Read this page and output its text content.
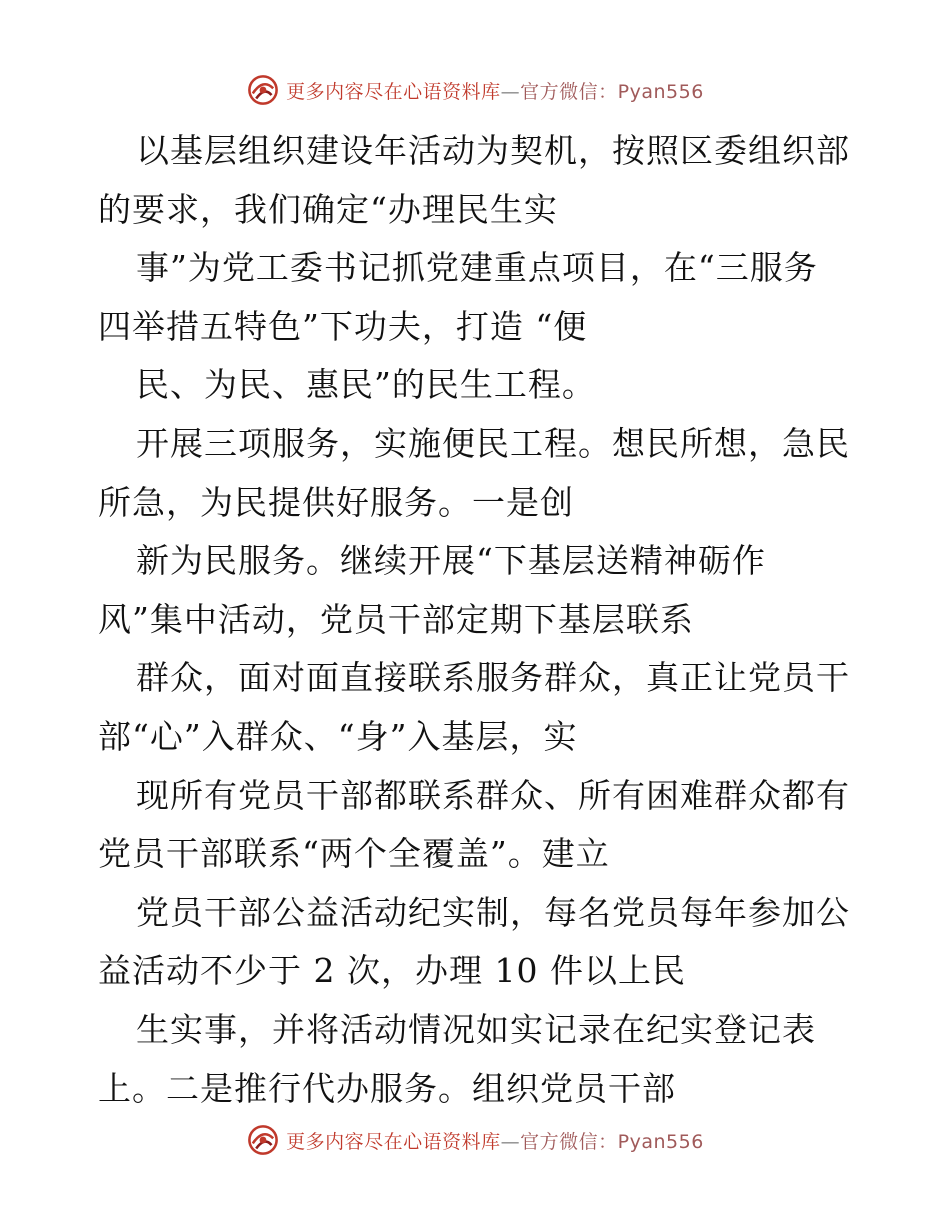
更多内容尽在心语资料库—官方微信：Pyan556
以基层组织建设年活动为契机，按照区委组织部
的要求，我们确定“办理民生实
事”为党工委书记抓党建重点项目，在“三服务
四举措五特色”下功夫，打造 “便
民、为民、惠民”的民生工程。
开展三项服务，实施便民工程。想民所想，急民
所急，为民提供好服务。一是创
新为民服务。继续开展“下基层送精神砺作
风”集中活动，党员干部定期下基层联系
群众，面对面直接联系服务群众，真正让党员干
部“心”入群众、“身”入基层，实
现所有党员干部都联系群众、所有困难群众都有
党员干部联系“两个全覆盖”。建立
党员干部公益活动纪实制，每名党员每年参加公
益活动不少于 2 次，办理 10 件以上民
生实事，并将活动情况如实记录在纪实登记表
上。二是推行代办服务。组织党员干部
更多内容尽在心语资料库—官方微信：Pyan556
